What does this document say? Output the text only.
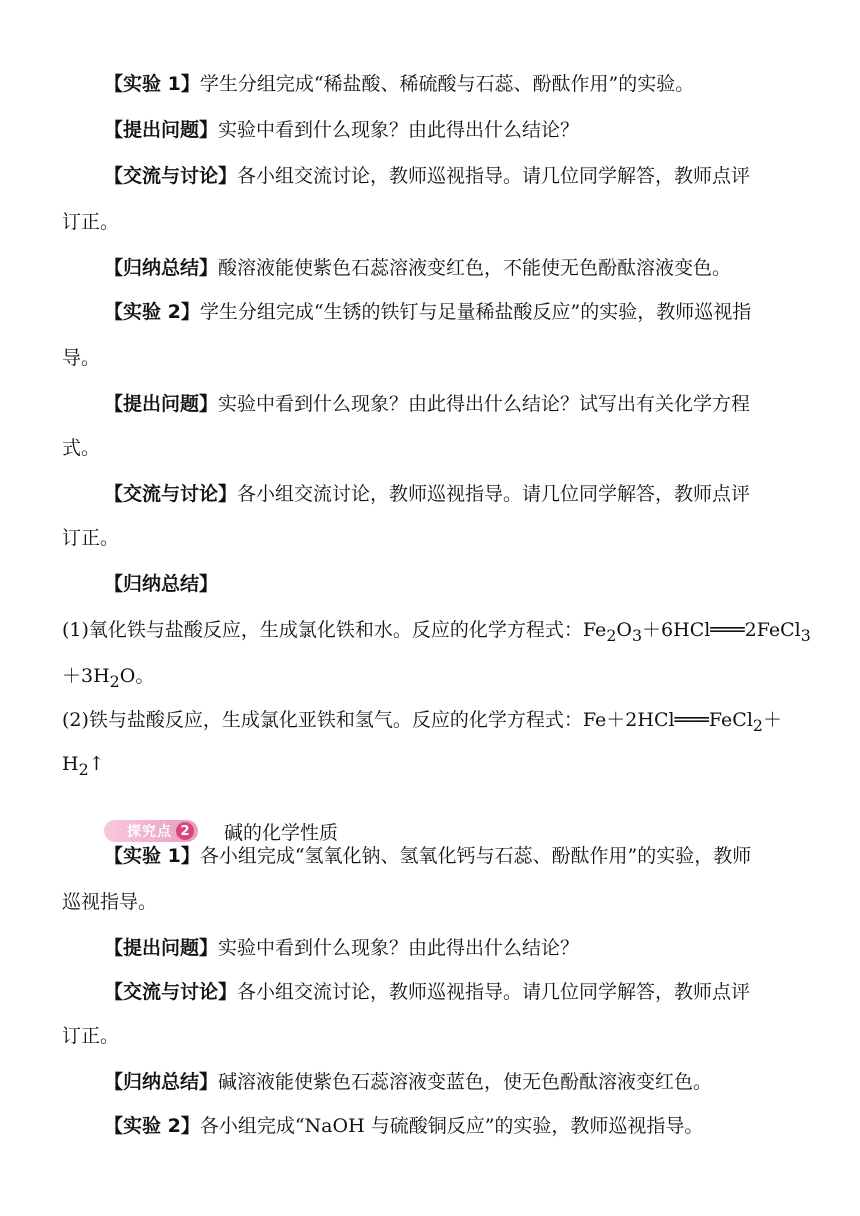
【实验 1】学生分组完成“稀盐酸、稀硫酸与石蕊、酚酞作用”的实验。
【提出问题】实验中看到什么现象？由此得出什么结论？
【交流与讨论】各小组交流讨论，教师巡视指导。请几位同学解答，教师点评
订正。
【归纳总结】酸溶液能使紫色石蕊溶液变红色，不能使无色酚酞溶液变色。
【实验 2】学生分组完成“生锈的铁钉与足量稀盐酸反应”的实验，教师巡视指
导。
【提出问题】实验中看到什么现象？由此得出什么结论？试写出有关化学方程
式。
【交流与讨论】各小组交流讨论，教师巡视指导。请几位同学解答，教师点评
订正。
【归纳总结】
(1)氧化铁与盐酸反应，生成氯化铁和水。反应的化学方程式：$Fe_2O_3+6HCl═══2FeCl_3$
$+3H_2O$。
(2)铁与盐酸反应，生成氯化亚铁和氢气。反应的化学方程式：Fe＋2HCl═══FeCl$_2$＋
$H_2↑$
探究点 2 碱的化学性质
【实验 1】各小组完成“氢氧化钠、氢氧化钙与石蕊、酚酞作用”的实验，教师
巡视指导。
【提出问题】实验中看到什么现象？由此得出什么结论？
【交流与讨论】各小组交流讨论，教师巡视指导。请几位同学解答，教师点评
订正。
【归纳总结】碱溶液能使紫色石蕊溶液变蓝色，使无色酚酞溶液变红色。
【实验 2】各小组完成“NaOH 与硫酸铜反应”的实验，教师巡视指导。
